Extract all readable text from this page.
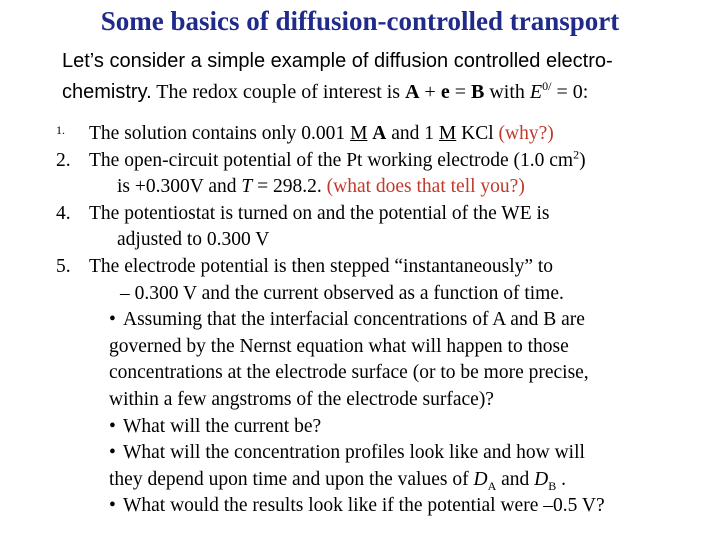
Some basics of diffusion-controlled transport
Let’s consider a simple example of diffusion controlled electro-
chemistry. The redox couple of interest is A + e = B with $E^{0/} = 0$:
1. The solution contains only 0.001 M A and 1 M KCl (why?)
2. The open-circuit potential of the Pt working electrode (1.0 $cm^2$)
is +0.300V and T = 298.2. (what does that tell you?)
4. The potentiostat is turned on and the potential of the WE is
adjusted to 0.300 V
5. The electrode potential is then stepped “instantaneously” to
– 0.300 V and the current observed as a function of time.
• Assuming that the interfacial concentrations of A and B are
governed by the Nernst equation what will happen to those
concentrations at the electrode surface (or to be more precise,
within a few angstroms of the electrode surface)?
• What will the current be?
• What will the concentration profiles look like and how will
they depend upon time and upon the values of $D_A$ and $D_B$ .
• What would the results look like if the potential were –0.5 V?
